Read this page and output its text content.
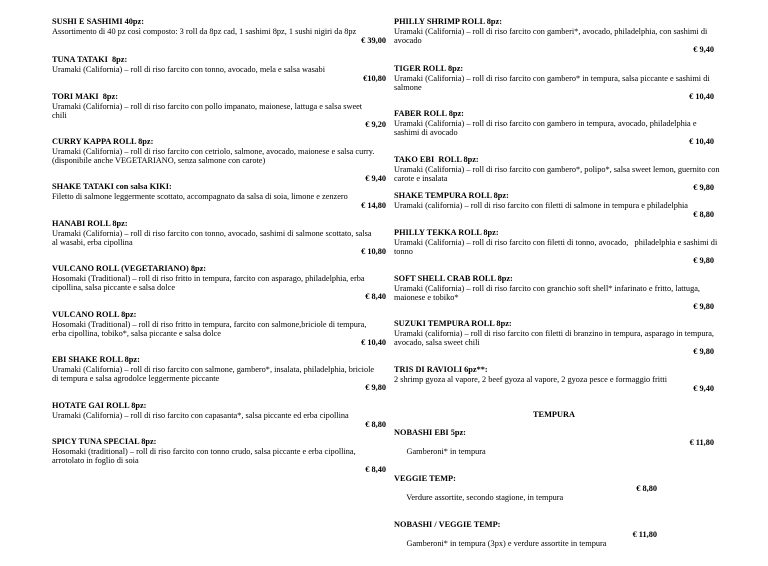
SUSHI E SASHIMI 40pz:
Assortimento di 40 pz così composto: 3 roll da 8pz cad, 1 sashimi 8pz, 1 sushi nigiri da 8pz
€ 39,00
TUNA TATAKI  8pz:
Uramaki (California) – roll di riso farcito con tonno, avocado, mela e salsa wasabi
€10,80
TORI MAKI  8pz:
Uramaki (California) – roll di riso farcito con pollo impanato, maionese, lattuga e salsa sweet
chili
€ 9,20
CURRY KAPPA ROLL 8pz:
Uramaki (California) – roll di riso farcito con cetriolo, salmone, avocado, maionese e salsa curry.
(disponibile anche VEGETARIANO, senza salmone con carote)
€ 9,40
SHAKE TATAKI con salsa KIKI:
Filetto di salmone leggermente scottato, accompagnato da salsa di soia, limone e zenzero
€ 14,80
HANABI ROLL 8pz:
Uramaki (California) – roll di riso farcito con tonno, avocado, sashimi di salmone scottato, salsa
al wasabi, erba cipollina
€ 10,80
VULCANO ROLL (VEGETARIANO) 8pz:
Hosomaki (Traditional) – roll di riso fritto in tempura, farcito con asparago, philadelphia, erba
cipollina, salsa piccante e salsa dolce
€ 8,40
VULCANO ROLL 8pz:
Hosomaki (Traditional) – roll di riso fritto in tempura, farcito con salmone,briciole di tempura,
erba cipollina, tobiko*, salsa piccante e salsa dolce
€ 10,40
EBI SHAKE ROLL 8pz:
Uramaki (California) – roll di riso farcito con salmone, gambero*, insalata, philadelphia, briciole
di tempura e salsa agrodolce leggermente piccante
€ 9,80
HOTATE GAI ROLL 8pz:
Uramaki (California) – roll di riso farcito con capasanta*, salsa piccante ed erba cipollina
€ 8,80
SPICY TUNA SPECIAL 8pz:
Hosomaki (traditional) – roll di riso farcito con tonno crudo, salsa piccante e erba cipollina,
arrotolato in foglio di soia
€ 8,40
PHILLY SHRIMP ROLL 8pz:
Uramaki (California) – roll di riso farcito con gamberi*, avocado, philadelphia, con sashimi di
avocado
€ 9,40
TIGER ROLL 8pz:
Uramaki (California) – roll di riso farcito con gambero* in tempura, salsa piccante e sashimi di
salmone
€ 10,40
FABER ROLL 8pz:
Uramaki (California) – roll di riso farcito con gambero in tempura, avocado, philadelphia e
sashimi di avocado
€ 10,40
TAKO EBI  ROLL 8pz:
Uramaki (California) – roll di riso farcito con gambero*, polipo*, salsa sweet lemon, guernito con
carote e insalata
€ 9,80
SHAKE TEMPURA ROLL 8pz:
Uramaki (california) – roll di riso farcito con filetti di salmone in tempura e philadelphia
€ 8,80
PHILLY TEKKA ROLL 8pz:
Uramaki (California) – roll di riso farcito con filetti di tonno, avocado,   philadelphia e sashimi di
tonno
€ 9,80
SOFT SHELL CRAB ROLL 8pz:
Uramaki (California) – roll di riso farcito con granchio soft shell* infarinato e fritto, lattuga,
maionese e tobiko*
€ 9,80
SUZUKI TEMPURA ROLL 8pz:
Uramaki (california) – roll di riso farcito con filetti di branzino in tempura, asparago in tempura,
avocado, salsa sweet chili
€ 9,80
TRIS DI RAVIOLI 6pz**:
2 shrimp gyoza al vapore, 2 beef gyoza al vapore, 2 gyoza pesce e formaggio fritti
€ 9,40
TEMPURA
NOBASHI EBI 5pz:

Gamberoni* in tempura

€ 11,80

VEGGIE TEMP:

Verdure assortite, secondo stagione, in tempura

€ 8,80

NOBASHI / VEGGIE TEMP:

Gamberoni* in tempura (3px) e verdure assortite in tempura

€ 11,80
